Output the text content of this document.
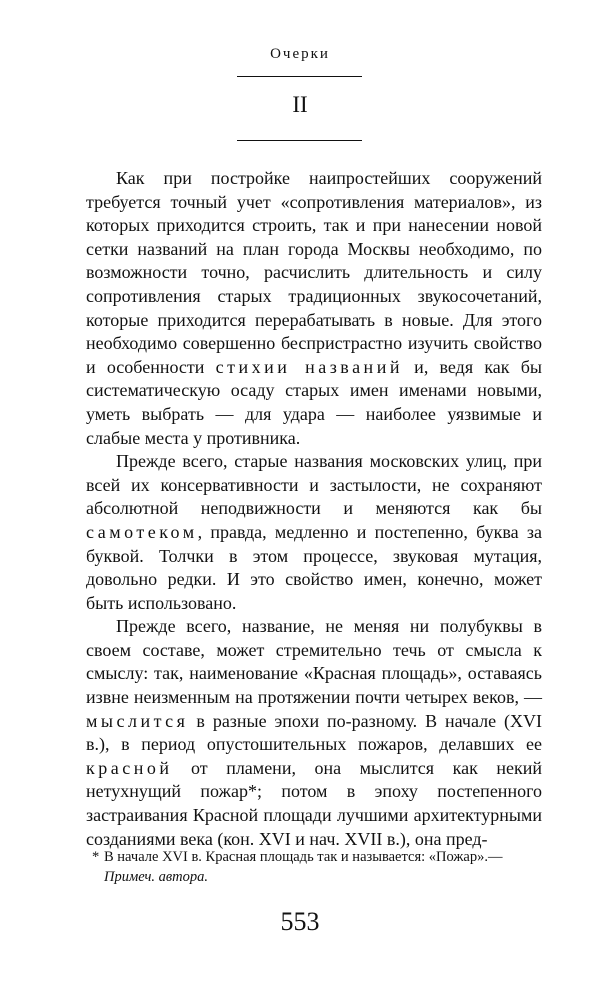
Очерки
II

Как при постройке наипростейших сооружений требуется точный учет «сопротивления материалов», из которых приходится строить, так и при нанесении новой сетки названий на план города Москвы необходимо, по возможности точно, расчислить длительность и силу сопротивления старых традиционных звукосочетаний, которые приходится перерабатывать в новые. Для этого необходимо совершенно беспристрастно изучить свойство и особенности стихии названий и, ведя как бы систематическую осаду старых имен именами новыми, уметь выбрать — для удара — наиболее уязвимые и слабые места у противника.

Прежде всего, старые названия московских улиц, при всей их консервативности и застылости, не сохраняют абсолютной неподвижности и меняются как бы самотеком, правда, медленно и постепенно, буква за буквой. Толчки в этом процессе, звуковая мутация, довольно редки. И это свойство имен, конечно, может быть использовано.

Прежде всего, название, не меняя ни полубуквы в своем составе, может стремительно течь от смысла к смыслу: так, наименование «Красная площадь», оставаясь извне неизменным на протяжении почти четырех веков, — мыслится в разные эпохи по-разному. В начале (XVI в.), в период опустошительных пожаров, делавших ее красной от пламени, она мыслится как некий нетухнущий пожар*; потом в эпоху постепенного застраивания Красной площади лучшими архитектурными созданиями века (кон. XVI и нач. XVII в.), она пред-

* В начале XVI в. Красная площадь так и называется: «Пожар».—
Примеч. автора.
553
